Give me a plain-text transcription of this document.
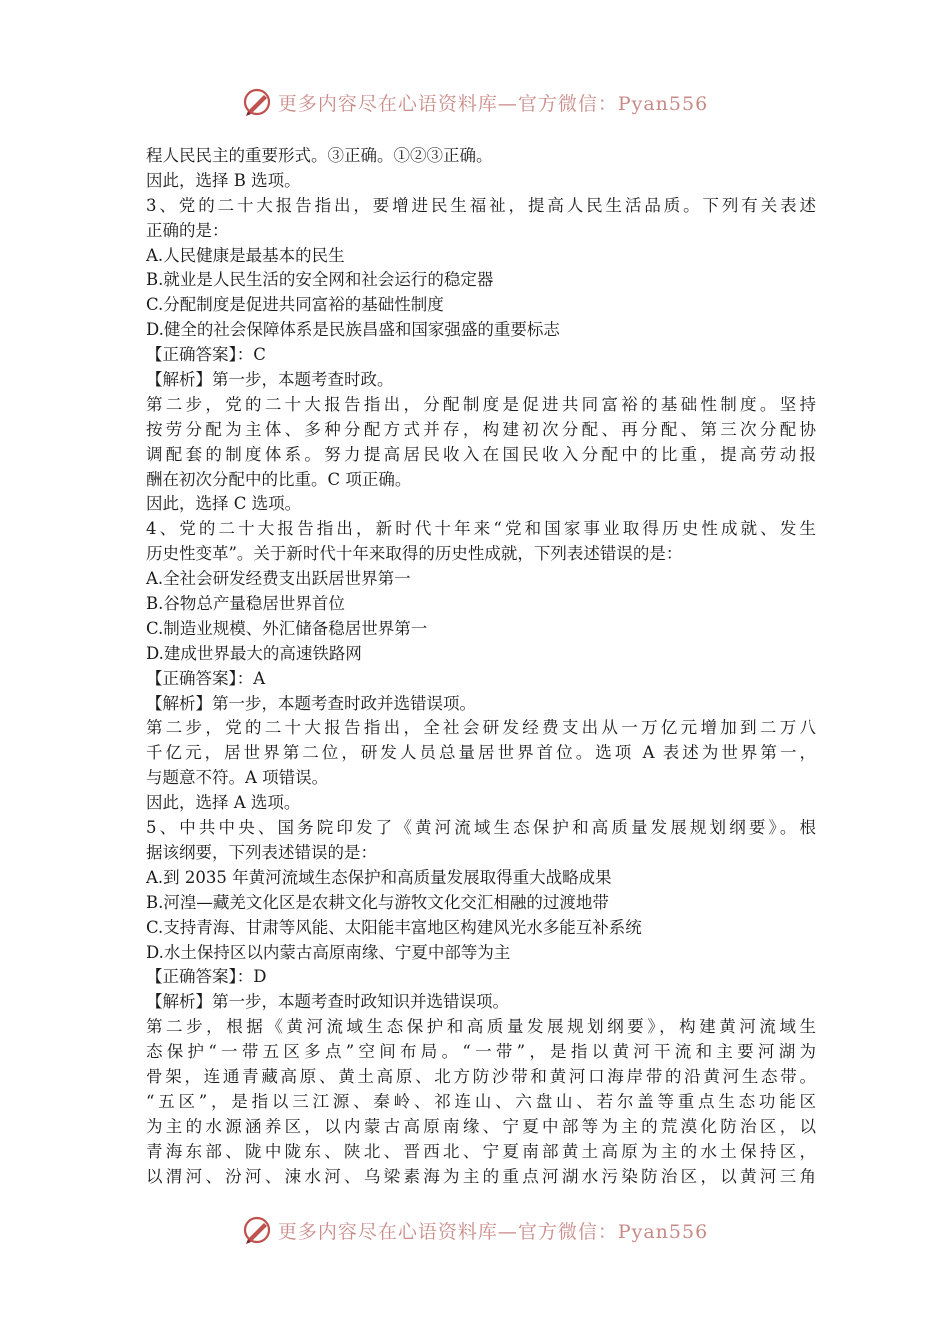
更多内容尽在心语资料库—官方微信：Pyan556
程人民民主的重要形式。③正确。①②③正确。
因此，选择 B 选项。
3、党的二十大报告指出，要增进民生福祉，提高人民生活品质。下列有关表述
正确的是：
A.人民健康是最基本的民生
B.就业是人民生活的安全网和社会运行的稳定器
C.分配制度是促进共同富裕的基础性制度
D.健全的社会保障体系是民族昌盛和国家强盛的重要标志
【正确答案】：C
【解析】第一步，本题考查时政。
第二步，党的二十大报告指出，分配制度是促进共同富裕的基础性制度。坚持
按劳分配为主体、多种分配方式并存，构建初次分配、再分配、第三次分配协
调配套的制度体系。努力提高居民收入在国民收入分配中的比重，提高劳动报
酬在初次分配中的比重。C 项正确。
因此，选择 C 选项。
4、党的二十大报告指出，新时代十年来“党和国家事业取得历史性成就、发生
历史性变革”。关于新时代十年来取得的历史性成就，下列表述错误的是：
A.全社会研发经费支出跃居世界第一
B.谷物总产量稳居世界首位
C.制造业规模、外汇储备稳居世界第一
D.建成世界最大的高速铁路网
【正确答案】：A
【解析】第一步，本题考查时政并选错误项。
第二步，党的二十大报告指出，全社会研发经费支出从一万亿元增加到二万八
千亿元，居世界第二位，研发人员总量居世界首位。选项 A 表述为世界第一，
与题意不符。A 项错误。
因此，选择 A 选项。
5、中共中央、国务院印发了《黄河流域生态保护和高质量发展规划纲要》。根
据该纲要，下列表述错误的是：
A.到 2035 年黄河流域生态保护和高质量发展取得重大战略成果
B.河湟—藏羌文化区是农耕文化与游牧文化交汇相融的过渡地带
C.支持青海、甘肃等风能、太阳能丰富地区构建风光水多能互补系统
D.水土保持区以内蒙古高原南缘、宁夏中部等为主
【正确答案】：D
【解析】第一步，本题考查时政知识并选错误项。
第二步，根据《黄河流域生态保护和高质量发展规划纲要》，构建黄河流域生
态保护“一带五区多点”空间布局。“一带”，是指以黄河干流和主要河湖为
骨架，连通青藏高原、黄土高原、北方防沙带和黄河口海岸带的沿黄河生态带。
“五区”，是指以三江源、秦岭、祁连山、六盘山、若尔盖等重点生态功能区
为主的水源涵养区，以内蒙古高原南缘、宁夏中部等为主的荒漠化防治区，以
青海东部、陇中陇东、陕北、晋西北、宁夏南部黄土高原为主的水土保持区，
以渭河、汾河、涑水河、乌梁素海为主的重点河湖水污染防治区，以黄河三角
更多内容尽在心语资料库—官方微信：Pyan556
